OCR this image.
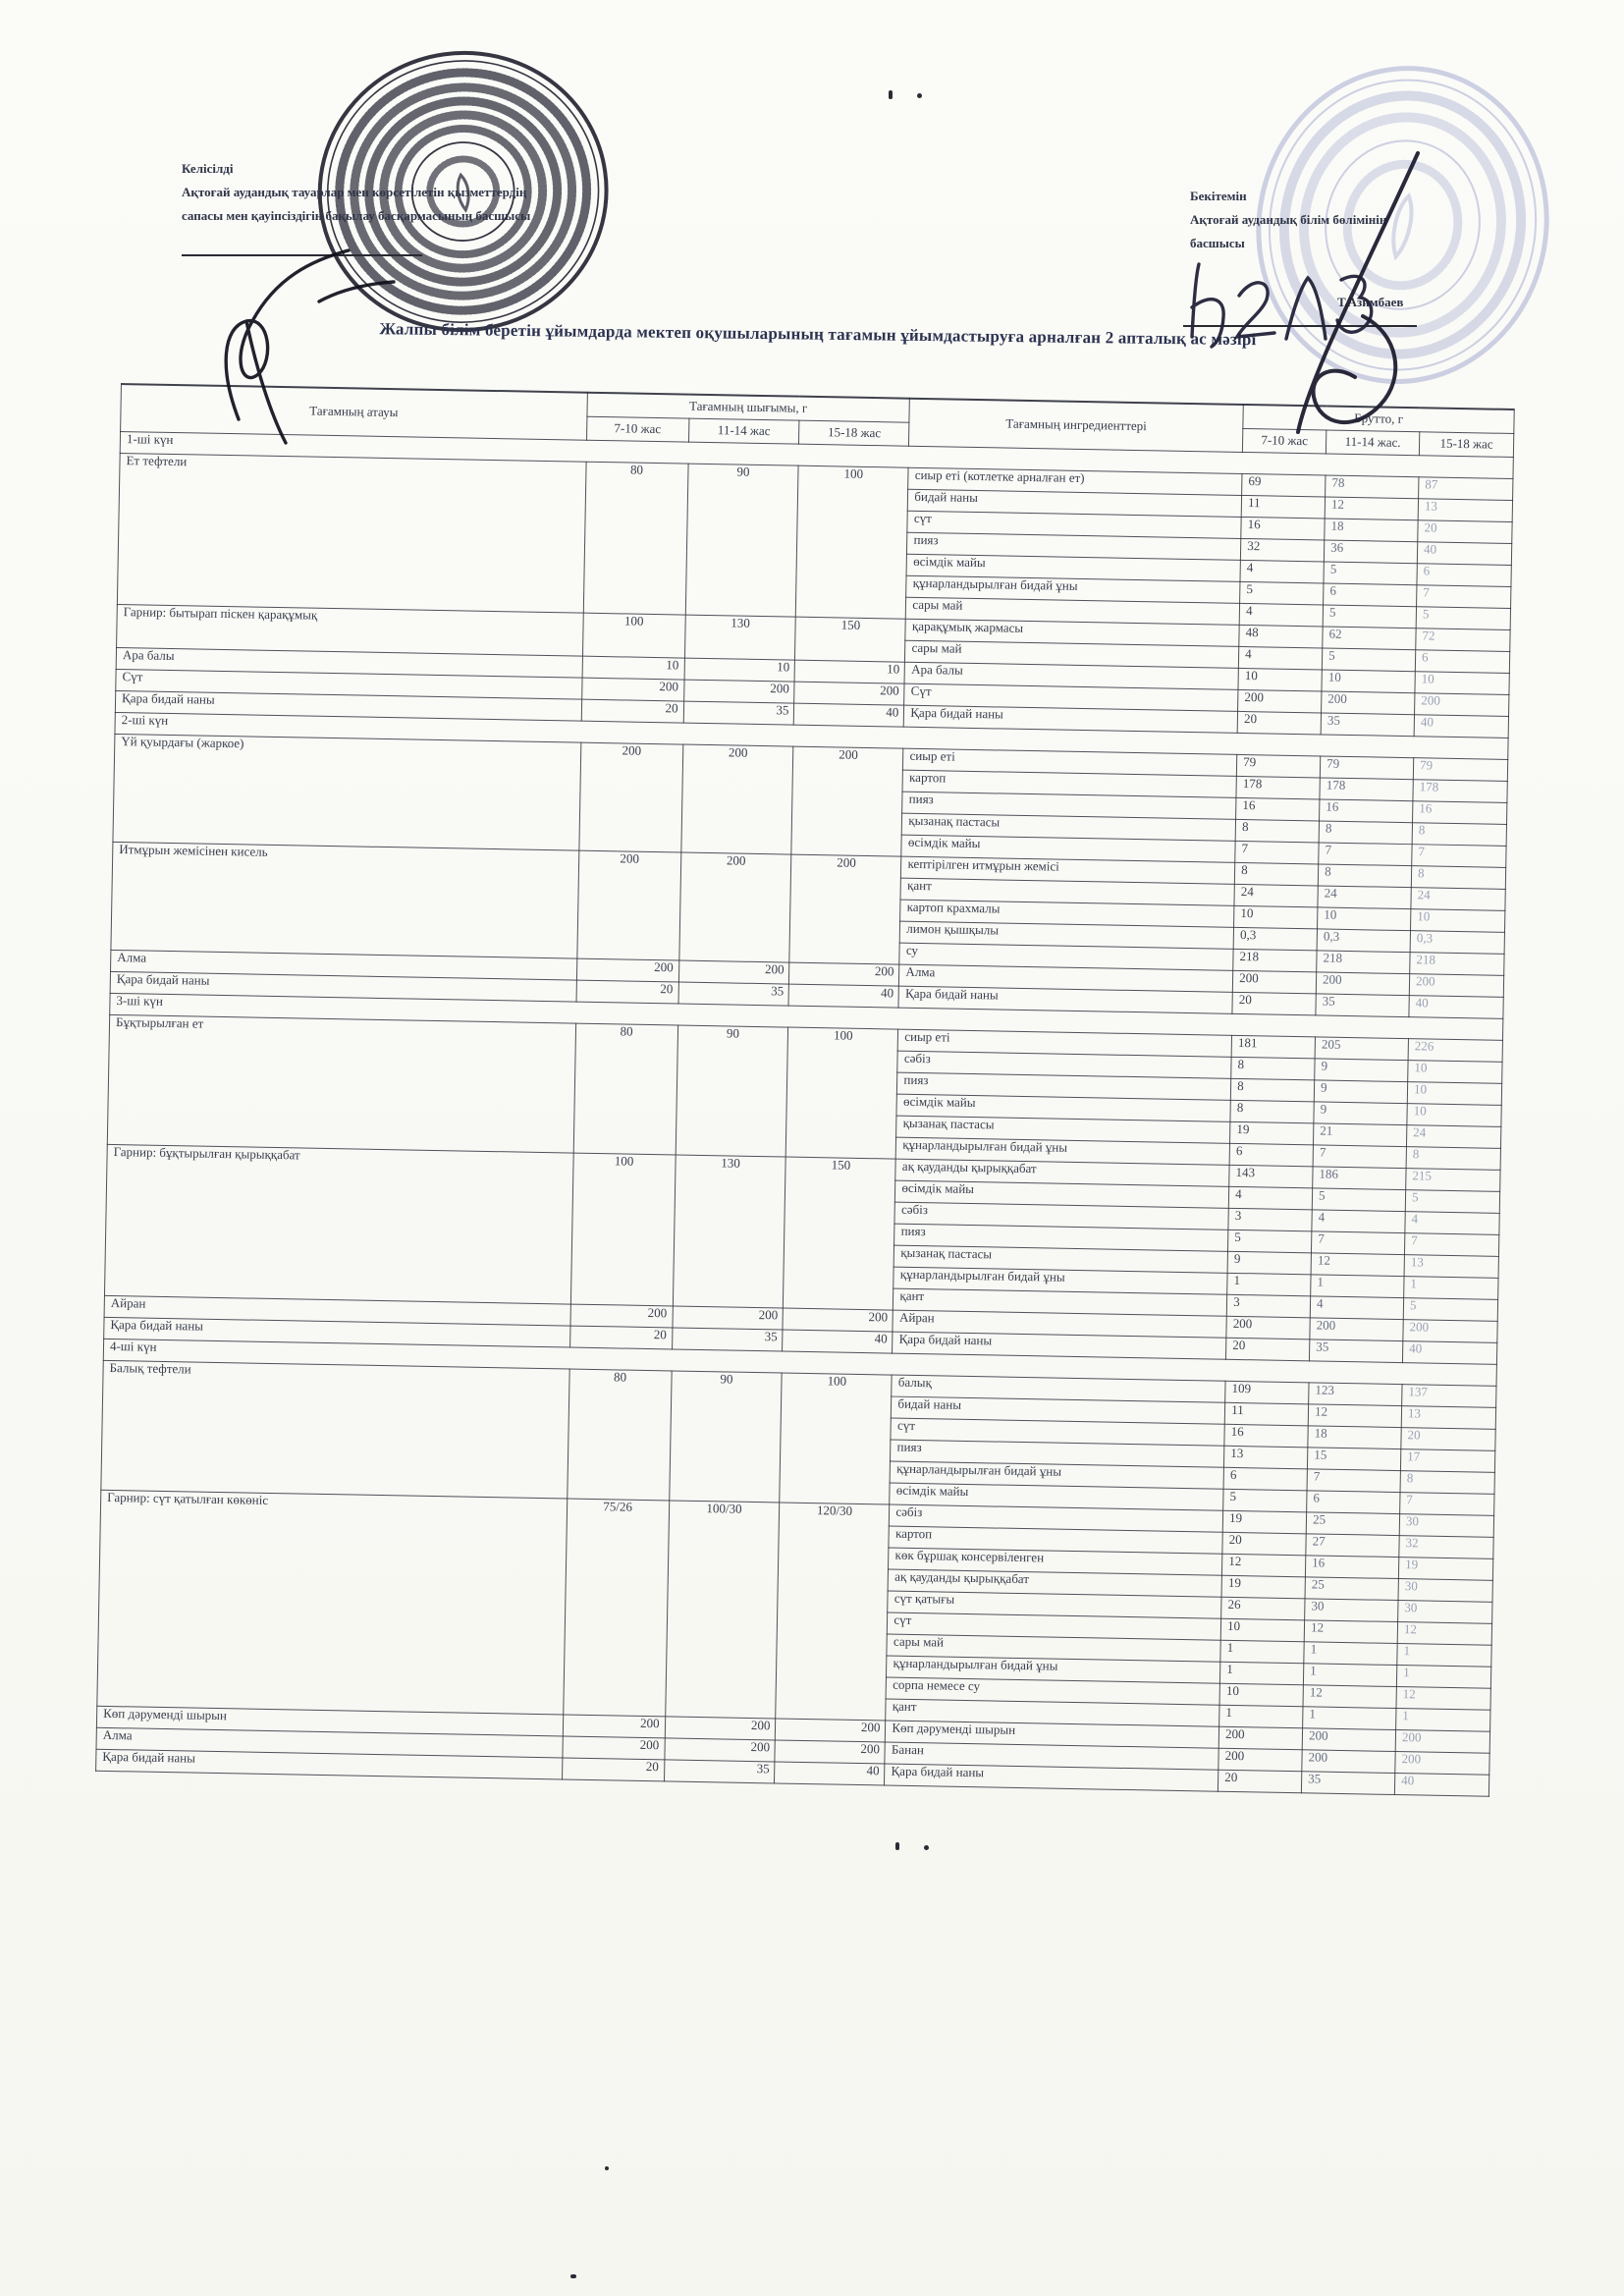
Келісілді
Ақтоғай аудандық тауарлар мен көрсетілетін қызметтердің
сапасы мен қауіпсіздігін бақылау басқармасының басшысы
Бекітемін
Ақтоғай аудандық білім бөлімінің
басшысы
Т.Азимбаев
Жалпы білім беретін ұйымдарда мектеп оқушыларының тағамын ұйымдастыруға арналған 2 апталық ас мәзірі
Тағамның атауы	Тағамның шығымы, г			Тағамның ингредиенттері	Брутто, г		
	7-10 жас	11-14 жас	15-18 жас		7-10 жас	11-14 жас.	15-18 жас
1-ші күн							
Ет тефтели	80	90	100	сиыр еті (котлетке арналған ет)	69	78	87
				бидай наны	11	12	13
				сүт	16	18	20
				пияз	32	36	40
				өсімдік майы	4	5	6
				құнарландырылған бидай ұны	5	6	7
				сары май	4	5	5
Гарнир: бытырап піскен қарақұмық	100	130	150	қарақұмық жармасы	48	62	72
				сары май	4	5	6
Ара балы	10	10	10	Ара балы	10	10	10
Сүт	200	200	200	Сүт	200	200	200
Қара бидай наны	20	35	40	Қара бидай наны	20	35	40
2-ші күн							
Үй қуырдағы (жаркое)	200	200	200	сиыр еті	79	79	79
				картоп	178	178	178
				пияз	16	16	16
				қызанақ пастасы	8	8	8
				өсімдік майы	7	7	7
Итмұрын жемісінен кисель	200	200	200	кептірілген итмұрын жемісі	8	8	8
				қант	24	24	24
				картоп крахмалы	10	10	10
				лимон қышқылы	0,3	0,3	0,3
				су	218	218	218
Алма	200	200	200	Алма	200	200	200
Қара бидай наны	20	35	40	Қара бидай наны	20	35	40
3-ші күн							
Бұқтырылған ет	80	90	100	сиыр еті	181	205	226
				сәбіз	8	9	10
				пияз	8	9	10
				өсімдік майы	8	9	10
				қызанақ пастасы	19	21	24
				құнарландырылған бидай ұны	6	7	8
Гарнир: бұқтырылған қырыққабат	100	130	150	ақ қауданды қырыққабат	143	186	215
				өсімдік майы	4	5	5
				сәбіз	3	4	4
				пияз	5	7	7
				қызанақ пастасы	9	12	13
				құнарландырылған бидай ұны	1	1	1
				қант	3	4	5
Айран	200	200	200	Айран	200	200	200
Қара бидай наны	20	35	40	Қара бидай наны	20	35	40
4-ші күн							
Балық тефтели	80	90	100	балық	109	123	137
				бидай наны	11	12	13
				сүт	16	18	20
				пияз	13	15	17
				құнарландырылған бидай ұны	6	7	8
				өсімдік майы	5	6	7
Гарнир: сүт қатылған көкөніс	75/26	100/30	120/30	сәбіз	19	25	30
				картоп	20	27	32
				көк бұршақ консервіленген	12	16	19
				ақ қауданды қырыққабат	19	25	30
				сүт қатығы	26	30	30
				сүт	10	12	12
				сары май	1	1	1
				құнарландырылған бидай ұны	1	1	1
				сорпа немесе су	10	12	12
				қант	1	1	1
Көп дәруменді шырын	200	200	200	Көп дәруменді шырын	200	200	200
Алма	200	200	200	Банан	200	200	200
Қара бидай наны	20	35	40	Қара бидай наны	20	35	40
